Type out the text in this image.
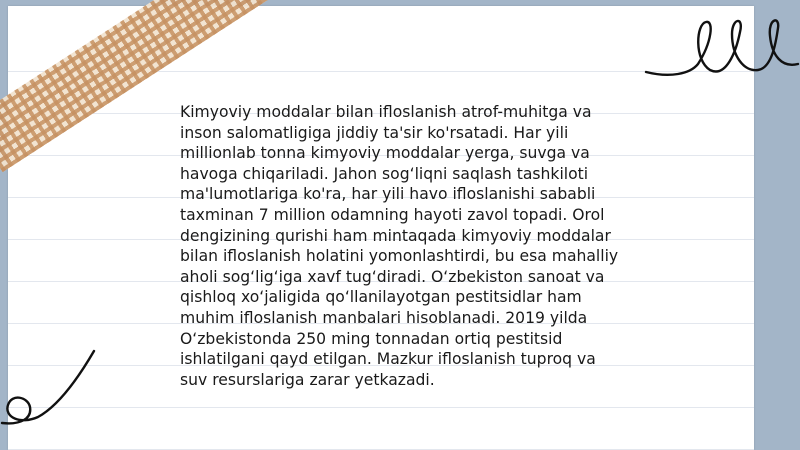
Kimyoviy moddalar bilan ifloslanish atrof-muhitga va inson salomatligiga jiddiy ta'sir ko'rsatadi. Har yili millionlab tonna kimyoviy moddalar yerga, suvga va havoga chiqariladi. Jahon sog‘liqni saqlash tashkiloti ma'lumotlariga ko'ra, har yili havo ifloslanishi sababli taxminan 7 million odamning hayoti zavol topadi. Orol dengizining qurishi ham mintaqada kimyoviy moddalar bilan ifloslanish holatini yomonlashtirdi, bu esa mahalliy aholi sog‘lig‘iga xavf tug‘diradi. O‘zbekiston sanoat va qishloq xo‘jaligida qo‘llanilayotgan pestitsidlar ham muhim ifloslanish manbalari hisoblanadi. 2019 yilda O‘zbekistonda 250 ming tonnadan ortiq pestitsid ishlatilgani qayd etilgan. Mazkur ifloslanish tuproq va suv resurslariga zarar yetkazadi.
